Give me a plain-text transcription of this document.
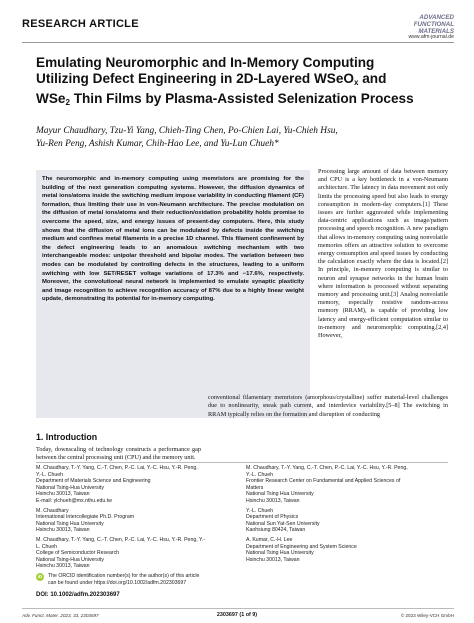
RESEARCH ARTICLE
ADVANCED
FUNCTIONAL
MATERIALS
www.afm-journal.de
Emulating Neuromorphic and In-Memory Computing
Utilizing Defect Engineering in 2D-Layered WSeO$_x$ and
WSe$_2$ Thin Films by Plasma-Assisted Selenization Process
Mayur Chaudhary, Tzu-Yi Yang, Chieh-Ting Chen, Po-Chien Lai, Yu-Chieh Hsu,
Yu-Ren Peng, Ashish Kumar, Chih-Hao Lee, and Yu-Lun Chueh*
The neuromorphic and in-memory computing using memristors are promising for the building of the next generation computing systems. However, the diffusion dynamics of metal ions/atoms inside the switching medium impose variability in conducting filament (CF) formation, thus limiting their use in von-Neumann architecture. The precise modulation on the diffusion of metal ions/atoms and their reduction/oxidation probability holds promise to overcome the speed, size, and energy issues of present-day computers. Here, this study shows that the diffusion of metal ions can be modulated by defects inside the switching medium and confines metal filaments in a precise 1D channel. This filament confinement by the defect engineering leads to an anomalous switching mechanism with two interchangeable modes: unipolar threshold and bipolar modes. The variation between two modes can be modulated by controlling defects in the structures, leading to a uniform switching with low SET/RESET voltage variations of 17.3% and −17.6%, respectively. Moreover, the convolutional neural network is implemented to emulate synaptic plasticity and image recognition to achieve recognition accuracy of 87% due to a highly linear weight update, demonstrating its potential for in-memory computing.
Processing large amount of data between memory and CPU is a key bottleneck in a von-Neumann architecture. The latency in data movement not only limits the processing speed but also leads to energy consumption in modern-day computers.[1] These issues are further aggravated while implementing data-centric applications such as image/pattern processing and speech recognition. A new paradigm that allows in-memory computing using nonvolatile memories offers an attractive solution to overcome energy consumption and speed issues by conducting the calculation exactly where the data is located.[2] In principle, in-memory computing is similar to neuron and synapse networks in the human brain where information is processed without separating memory and processing unit.[3] Analog nonvolatile memory, especially resistive random-access memory (RRAM), is capable of providing low latency and energy-efficient computation similar to in-memory and neuromorphic computing.[2,4] However,
conventional filamentary memristors (amorphous/crystalline) suffer material-level challenges due to nonlinearity, sneak path current, and interdevice variability.[5–8] The switching in RRAM typically relies on the formation and disruption of conducting
1. Introduction
Today, downscaling of technology constructs a performance gap between the central processing unit (CPU) and the memory unit.
M. Chaudhary, T.-Y. Yang, C.-T. Chen, P.-C. Lai, Y.-C. Hsu, Y.-R. Peng,
Y.-L. Chueh
Department of Materials Science and Engineering
National Tsing-Hua University
Hsinchu 30013, Taiwan
E-mail: ylchueh@mx.nthu.edu.tw
M. Chaudhary
International Intercollegiate Ph.D. Program
National Tsing Hua University
Hsinchu 30013, Taiwan
M. Chaudhary, T.-Y. Yang, C.-T. Chen, P.-C. Lai, Y.-C. Hsu, Y.-R. Peng, Y.-
L. Chueh
College of Semiconductor Research
National Tsing-Hua University
Hsinchu 30013, Taiwan
iD	The ORCID identification number(s) for the author(s) of this article
can be found under https://doi.org/10.1002/adfm.202303697
M. Chaudhary, T.-Y. Yang, C.-T. Chen, P.-C. Lai, Y.-C. Hsu, Y.-R. Peng,
Y.-L. Chueh
Frontier Research Center on Fundamental and Applied Sciences of
Matters
National Tsing Hua University
Hsinchu 30013, Taiwan
Y.-L. Chueh
Department of Physics
National Sun Yat-Sen University
Kaohsiung 80424, Taiwan
A. Kumar, C.-H. Lee
Department of Engineering and System Science
National Tsing Hua University
Hsinchu 30013, Taiwan
DOI: 10.1002/adfm.202303697
Adv. Funct. Mater. 2023, 33, 2303697	2303697 (1 of 9)	© 2023 Wiley-VCH GmbH
